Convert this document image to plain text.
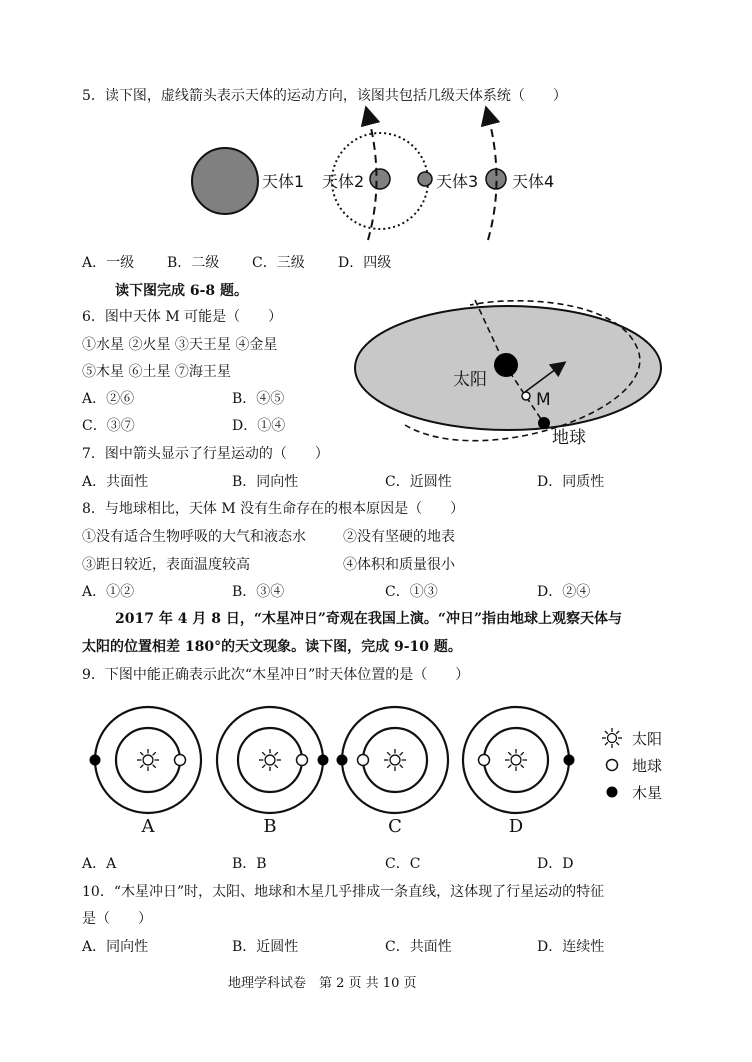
5．读下图，虚线箭头表示天体的运动方向，该图共包括几级天体系统（　　）
天体1 天体2	天体3 天体4
A．一级 B．二级 C．三级 D．四级
读下图完成 6-8 题。
6．图中天体 M 可能是（　　）
①水星 ②火星 ③天王星 ④金星
⑤木星 ⑥土星 ⑦海王星
A．②⑥	B．④⑤
C．③⑦	D．①④
太阳
M
地球
7．图中箭头显示了行星运动的（　　）
A．共面性	B．同向性	C．近圆性	D．同质性
8．与地球相比，天体 M 没有生命存在的根本原因是（　　）
①没有适合生物呼吸的大气和液态水	②没有坚硬的地表
③距日较近，表面温度较高	④体积和质量很小
A．①②	B．③④	C．①③	D．②④
2017 年 4 月 8 日，“木星冲日”奇观在我国上演。“冲日”指由地球上观察天体与
太阳的位置相差 180°的天文现象。读下图，完成 9-10 题。
9．下图中能正确表示此次“木星冲日”时天体位置的是（　　）
A	B	C	D
太阳
地球
木星
A．A	B．B	C．C	D．D
10．“木星冲日”时，太阳、地球和木星几乎排成一条直线，这体现了行星运动的特征
是（　　）
A．同向性	B．近圆性	C．共面性	D．连续性
地理学科试卷　第 2 页 共 10 页
